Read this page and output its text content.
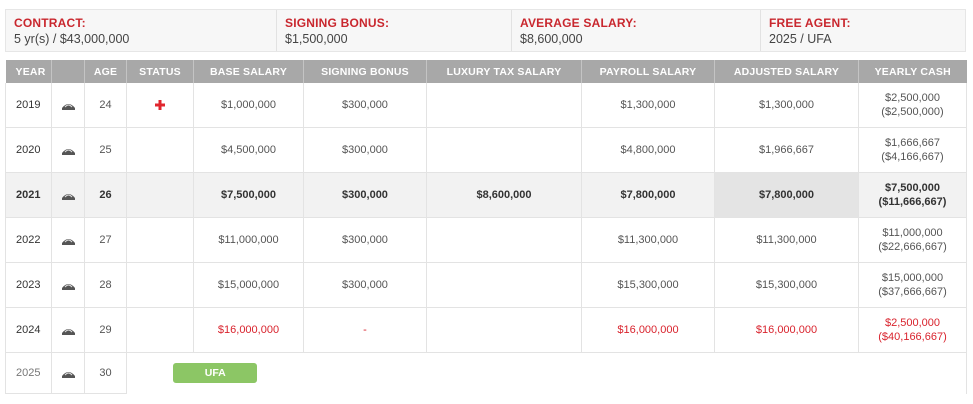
CONTRACT:
5 yr(s) / $43,000,000
SIGNING BONUS:
$1,500,000
AVERAGE SALARY:
$8,600,000
FREE AGENT:
2025 / UFA
YEAR		AGE	STATUS	BASE SALARY	SIGNING BONUS	LUXURY TAX SALARY	PAYROLL SALARY	ADJUSTED SALARY	YEARLY CASH
2019		24		$1,000,000	$300,000		$1,300,000	$1,300,000	$2,500,000
($2,500,000)

2020		25		$4,500,000	$300,000		$4,800,000	$1,966,667	$1,666,667
($4,166,667)

2021		26		$7,500,000	$300,000	$8,600,000	$7,800,000	$7,800,000	$7,500,000
($11,666,667)

2022		27		$11,000,000	$300,000		$11,300,000	$11,300,000	$11,000,000
($22,666,667)

2023		28		$15,000,000	$300,000		$15,300,000	$15,300,000	$15,000,000
($37,666,667)

2024		29		$16,000,000	-		$16,000,000	$16,000,000	$2,500,000
($40,166,667)

2025		30	UFA						
